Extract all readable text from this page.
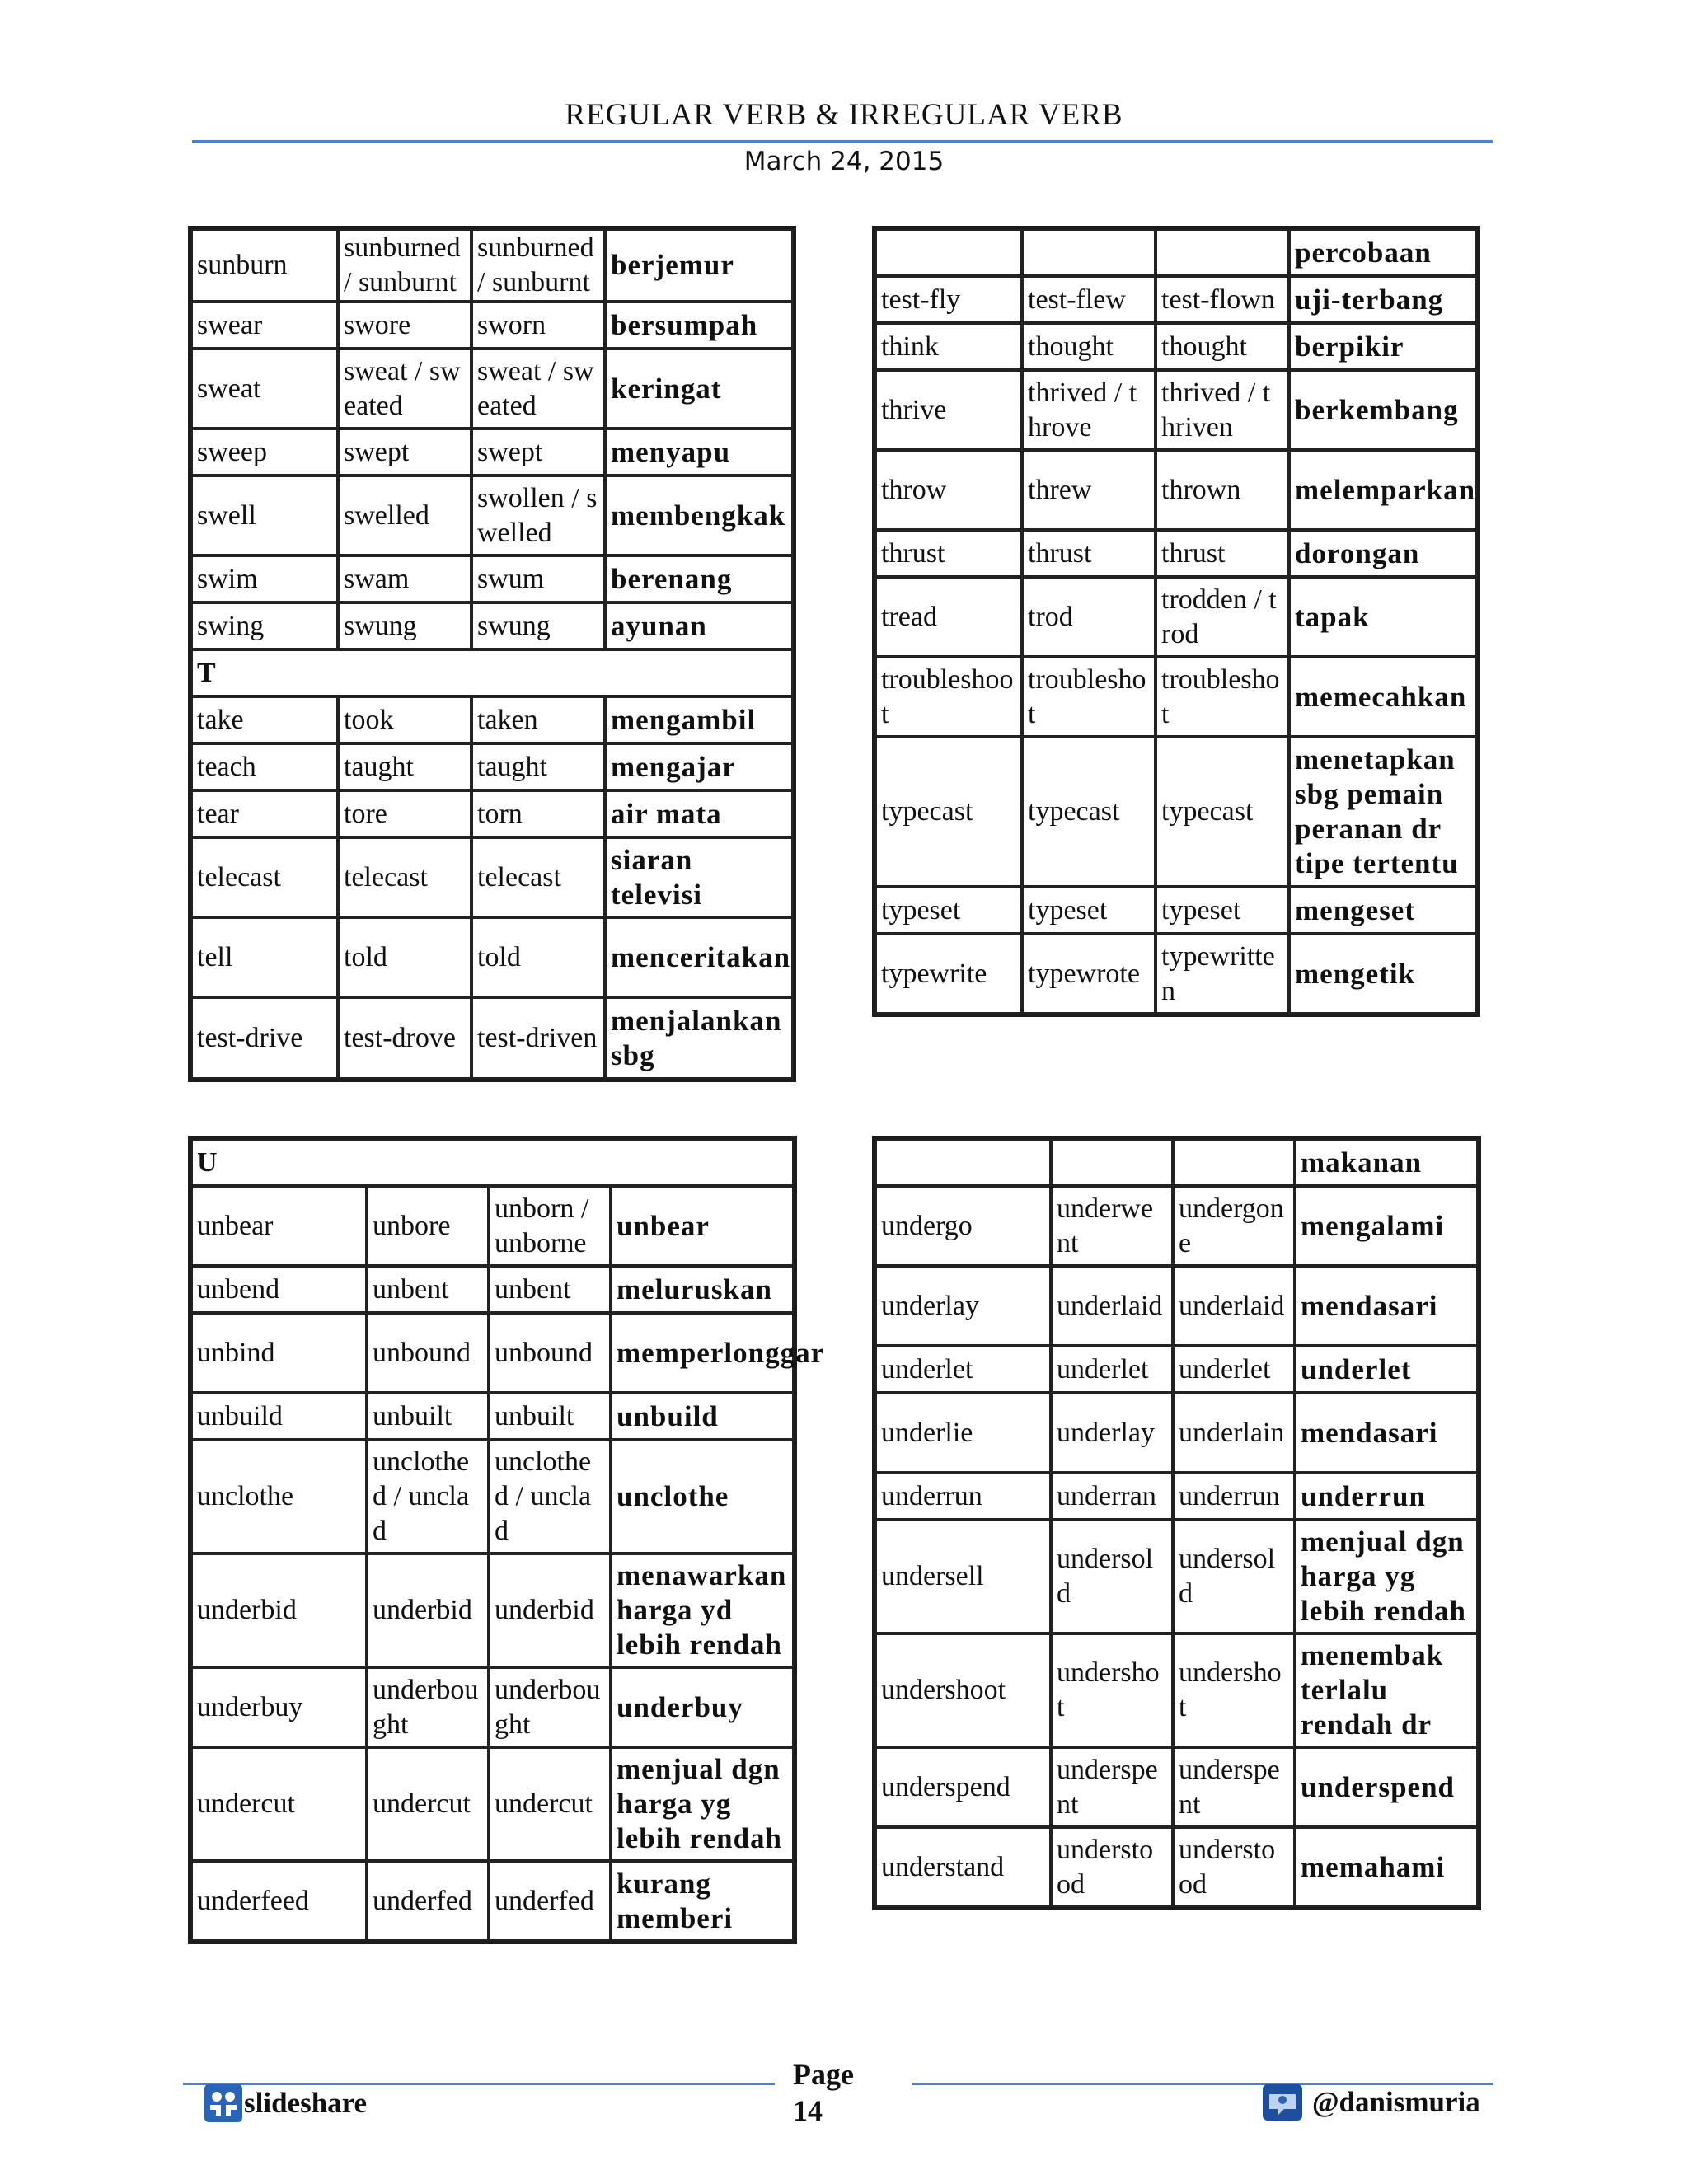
REGULAR VERB & IRREGULAR VERB
March 24, 2015
sunburn	sunburned / sunburnt	sunburned / sunburnt	berjemur
swear	swore	sworn	bersumpah
sweat	sweat / sweated	sweat / sweated	keringat
sweep	swept	swept	menyapu
swell	swelled	swollen / swelled	membengkak
swim	swam	swum	berenang
swing	swung	swung	ayunan
T			
take	took	taken	mengambil
teach	taught	taught	mengajar
tear	tore	torn	air mata
telecast	telecast	telecast	siaran televisi
tell	told	told	menceritakan
test-drive	test-drove	test-driven	menjalankan sbg
			percobaan
test-fly	test-flew	test-flown	uji-terbang
think	thought	thought	berpikir
thrive	thrived / throve	thrived / thriven	berkembang
throw	threw	thrown	melemparkan
thrust	thrust	thrust	dorongan
tread	trod	trodden / trod	tapak
troubleshoot	troubleshot	troubleshot	memecahkan
typecast	typecast	typecast	menetapkan sbg pemain peranan dr tipe tertentu
typeset	typeset	typeset	mengeset
typewrite	typewrote	typewritten	mengetik
U			
unbear	unbore	unborn / unborne	unbear
unbend	unbent	unbent	meluruskan
unbind	unbound	unbound	memperlonggar
unbuild	unbuilt	unbuilt	unbuild
unclothe	unclothed / unclad	unclothed / unclad	unclothe
underbid	underbid	underbid	menawarkan harga yd lebih rendah
underbuy	underbought	underbought	underbuy
undercut	undercut	undercut	menjual dgn harga yg lebih rendah
underfeed	underfed	underfed	kurang memberi
			makanan
undergo	underwent	undergone	mengalami
underlay	underlaid	underlaid	mendasari
underlet	underlet	underlet	underlet
underlie	underlay	underlain	mendasari
underrun	underran	underrun	underrun
undersell	undersold	undersold	menjual dgn harga yg lebih rendah
undershoot	undershot	undershot	menembak terlalu rendah dr
underspend	underspent	underspent	underspend
understand	understood	understood	memahami
Page
14
slideshare	@danismuria
